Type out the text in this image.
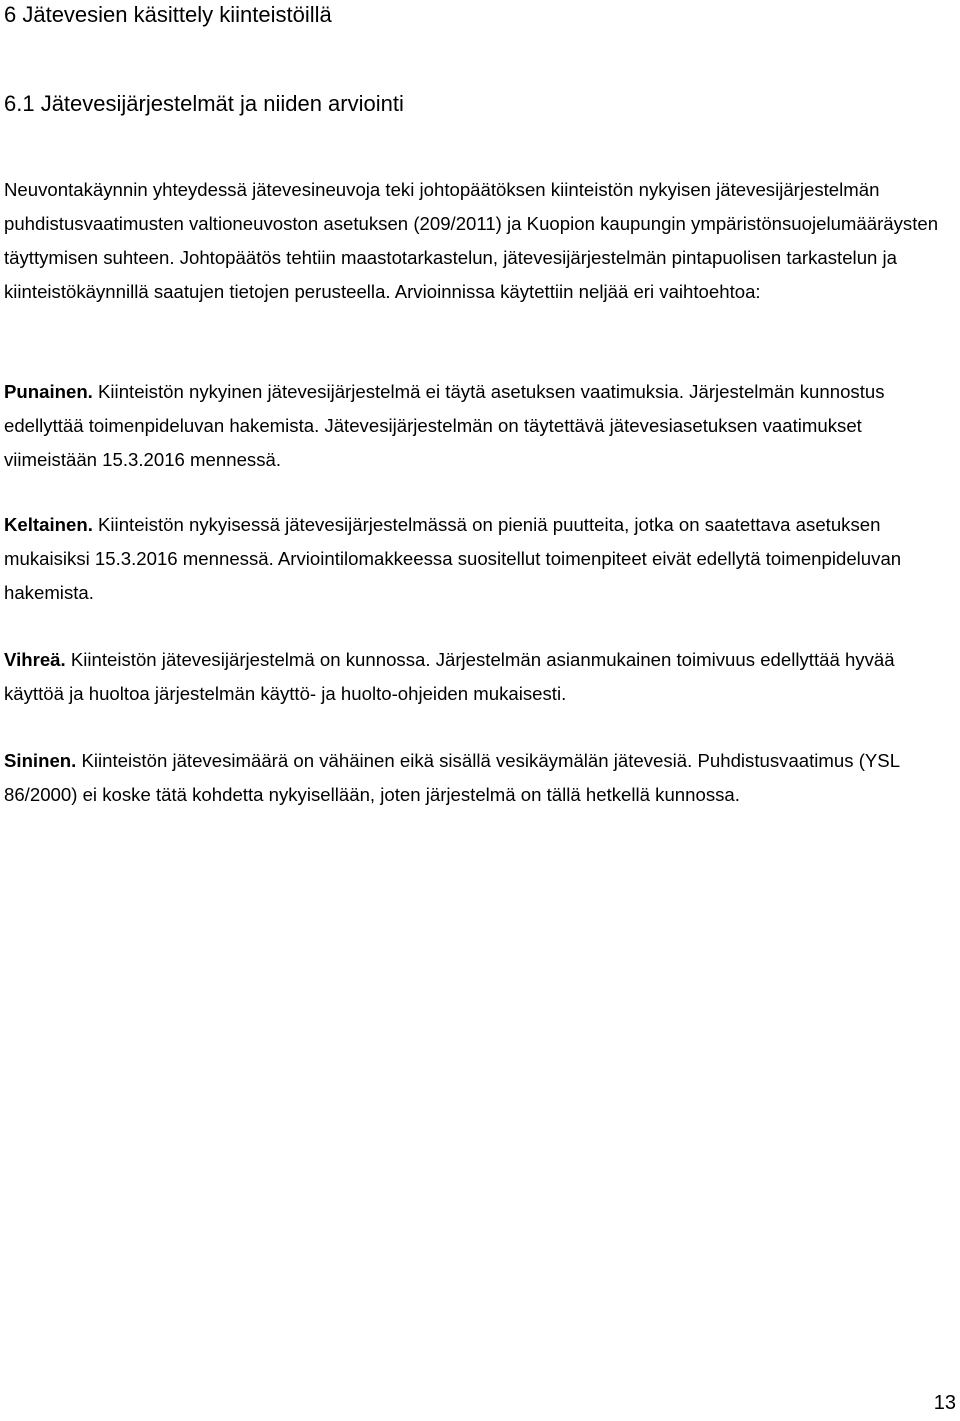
6 Jätevesien käsittely kiinteistöillä
6.1 Jätevesijärjestelmät ja niiden arviointi

Neuvontakäynnin yhteydessä jätevesineuvoja teki johtopäätöksen kiinteistön nykyisen jätevesijärjestelmän puhdistusvaatimusten valtioneuvoston asetuksen (209/2011) ja Kuopion kaupungin ympäristönsuojelumääräysten täyttymisen suhteen. Johtopäätös tehtiin maastotarkastelun, jätevesijärjestelmän pintapuolisen tarkastelun ja kiinteistökäynnillä saatujen tietojen perusteella. Arvioinnissa käytettiin neljää eri vaihtoehtoa:

Punainen. Kiinteistön nykyinen jätevesijärjestelmä ei täytä asetuksen vaatimuksia. Järjestelmän kunnostus edellyttää toimenpideluvan hakemista. Jätevesijärjestelmän on täytettävä jätevesiasetuksen vaatimukset viimeistään 15.3.2016 mennessä.

Keltainen. Kiinteistön nykyisessä jätevesijärjestelmässä on pieniä puutteita, jotka on saatettava asetuksen mukaisiksi 15.3.2016 mennessä. Arviointilomakkeessa suositellut toimenpiteet eivät edellytä toimenpideluvan hakemista.

Vihreä. Kiinteistön jätevesijärjestelmä on kunnossa. Järjestelmän asianmukainen toimivuus edellyttää hyvää käyttöä ja huoltoa järjestelmän käyttö- ja huolto-ohjeiden mukaisesti.

Sininen. Kiinteistön jätevesimäärä on vähäinen eikä sisällä vesikäymälän jätevesiä. Puhdistusvaatimus (YSL 86/2000) ei koske tätä kohdetta nykyisellään, joten järjestelmä on tällä hetkellä kunnossa.

13
